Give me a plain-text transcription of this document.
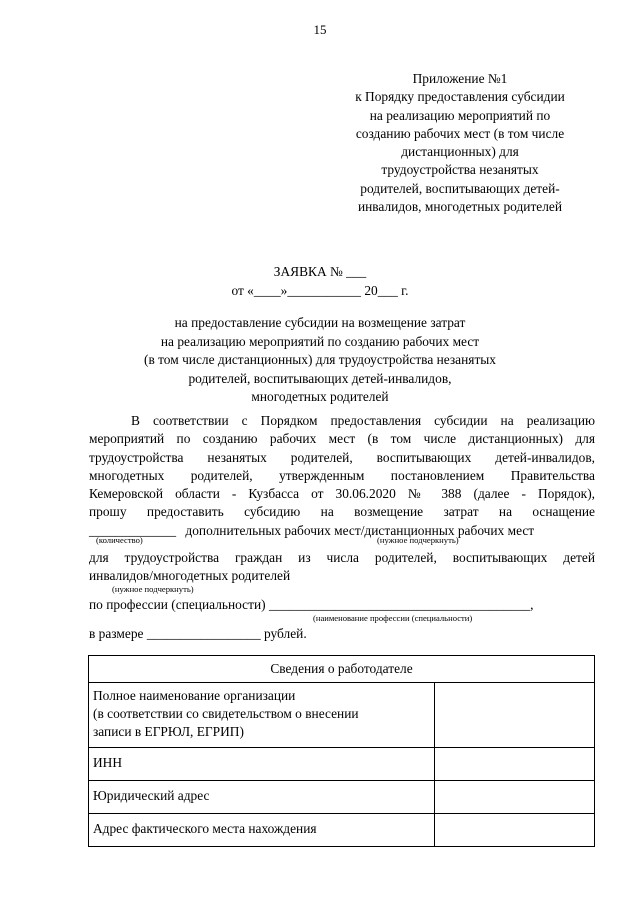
15
Приложение №1
к Порядку предоставления субсидии
на реализацию мероприятий по
созданию рабочих мест (в том числе
дистанционных) для
трудоустройства незанятых
родителей, воспитывающих детей-
инвалидов, многодетных родителей
ЗАЯВКА № ___
от «____»___________ 20___ г.
на предоставление субсидии на возмещение затрат
на реализацию мероприятий по созданию рабочих мест
(в том числе дистанционных) для трудоустройства незанятых
родителей, воспитывающих детей-инвалидов,
многодетных родителей
В соответствии с Порядком предоставления субсидии на реализацию
мероприятий по созданию рабочих мест (в том числе дистанционных) для
трудоустройства незанятых родителей, воспитывающих детей-инвалидов,
многодетных родителей, утвержденным постановлением Правительства
Кемеровской области - Кузбасса от 30.06.2020 № 388 (далее - Порядок),
прошу предоставить субсидию на возмещение затрат на оснащение
_____________ дополнительных рабочих мест/дистанционных рабочих мест
(количество)	(нужное подчеркнуть)
для трудоустройства граждан из числа родителей, воспитывающих детей
инвалидов/многодетных родителей
(нужное подчеркнуть)
по профессии (специальности) _______________________________________,
(наименование профессии (специальности)
в размере _________________ рублей.
Сведения о работодателе	
Полное наименование организации
(в соответствии со свидетельством о внесении
записи в ЕГРЮЛ, ЕГРИП)	
ИНН	
Юридический адрес	
Адрес фактического места нахождения	
